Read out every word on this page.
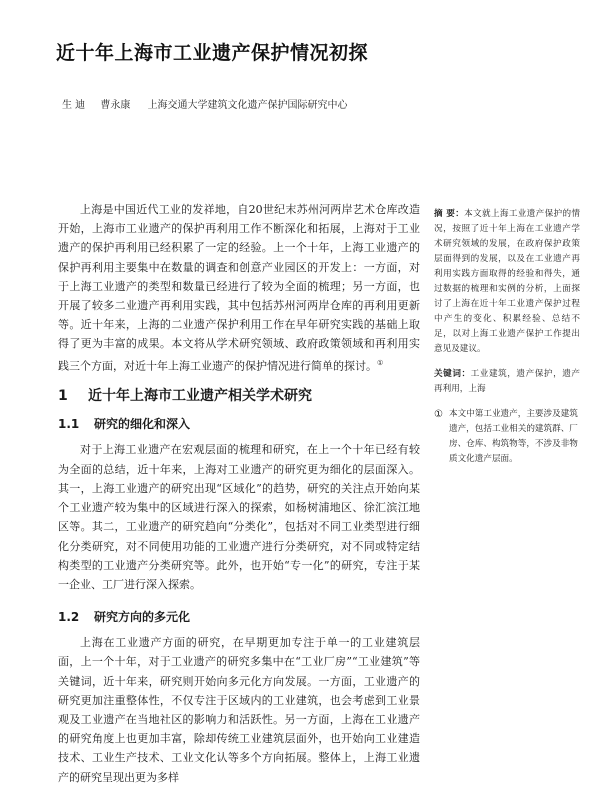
近十年上海市工业遗产保护情况初探
生 迪 曹永康 上海交通大学建筑文化遗产保护国际研究中心

上海是中国近代工业的发祥地，自20世纪末苏州河两岸艺术仓库改造开始，上海市工业遗产的保护再利用工作不断深化和拓展，上海对于工业遗产的保护再利用已经积累了一定的经验。上一个十年，上海工业遗产的保护再利用主要集中在数量的调查和创意产业园区的开发上：一方面，对于上海工业遗产的类型和数量已经进行了较为全面的梳理；另一方面，也开展了较多二业遗产再利用实践，其中包括苏州河两岸仓库的再利用更新等。近十年来，上海的二业遗产保护利用工作在早年研究实践的基础上取得了更为丰富的成果。本文将从学术研究领域、政府政策领域和再利用实践三个方面，对近十年上海工业遗产的保护情况进行简单的探讨。①

1 近十年上海市工业遗产相关学术研究
1.1 研究的细化和深入

对于上海工业遗产在宏观层面的梳理和研究，在上一个十年已经有较为全面的总结，近十年来，上海对工业遗产的研究更为细化的层面深入。其一，上海工业遗产的研究出现“区域化”的趋势，研究的关注点开始向某个工业遗产较为集中的区域进行深入的探索，如杨树浦地区、徐汇滨江地区等。其二，工业遗产的研究趋向“分类化”，包括对不同工业类型进行细化分类研究，对不同使用功能的工业遗产进行分类研究，对不同或特定结构类型的工业遗产分类研究等。此外，也开始“专一化”的研究，专注于某一企业、工厂进行深入探索。

1.2 研究方向的多元化

上海在工业遗产方面的研究，在早期更加专注于单一的工业建筑层面，上一个十年，对于工业遗产的研究多集中在“工业厂房”“工业建筑”等关键词，近十年来，研究则开始向多元化方向发展。一方面，工业遗产的研究更加注重整体性，不仅专注于区域内的工业建筑，也会考虑到工业景观及工业遗产在当地社区的影响力和活跃性。另一方面，上海在工业遗产的研究角度上也更加丰富，除却传统工业建筑层面外，也开始向工业建造技术、工业生产技术、工业文化认等多个方向拓展。整体上，上海工业遗产的研究呈现出更为多样

摘 要：本文就上海工业遗产保护的情况，按照了近十年上海在工业遗产学术研究领域的发展，在政府保护政策层面得到的发展，以及在工业遗产再利用实践方面取得的经验和得失，通过数据的梳理和实例的分析，上面探讨了上海在近十年工业遗产保护过程中产生的变化、积累经验、总结不足，以对上海工业遗产保护工作提出意见及建议。

关键词：工业建筑，遗产保护，遗产再利用，上海

① 本文中第工业遗产，主要涉及建筑遗产，包括工业相关的建筑群、厂房、仓库、构筑物等，不涉及非物质文化遗产层面。
